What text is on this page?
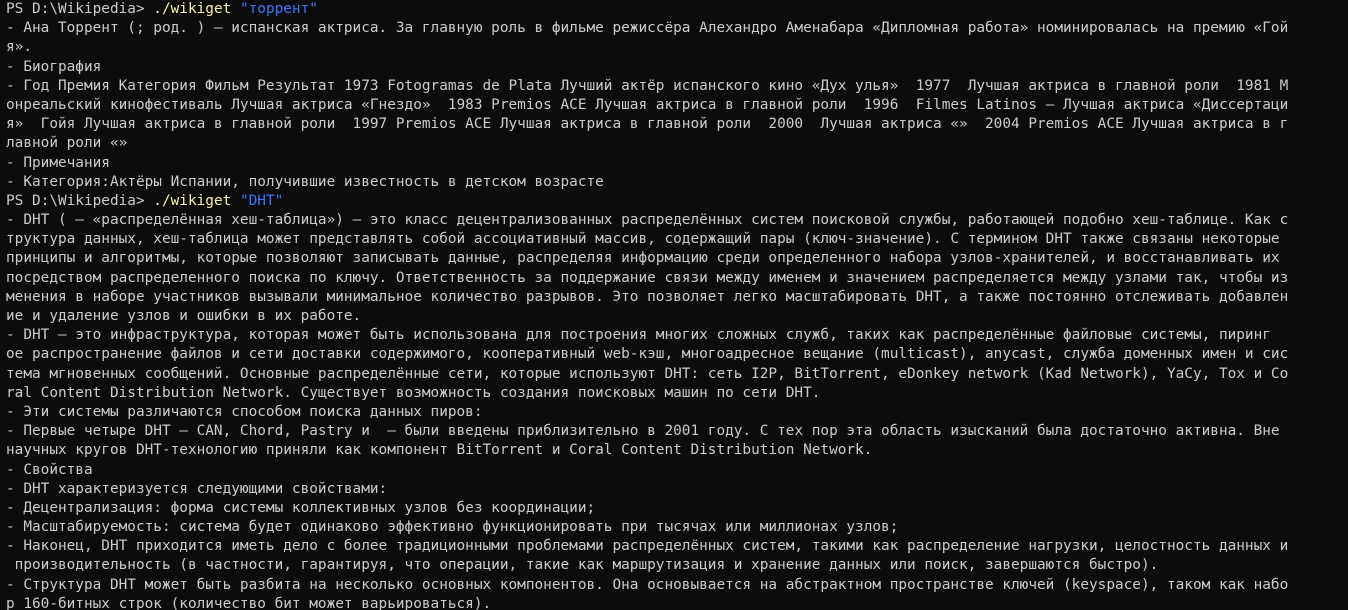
PS D:\Wikipedia> ./wikiget "торрент"
- Ана Торрент (; род. ) — испанская актриса. За главную роль в фильме режиссёра Алехандро Аменабара «Дипломная работа» номинировалась на премию «Гой
я».
- Биография
- Год Премия Категория Фильм Результат 1973 Fotogramas de Plata Лучший актёр испанского кино «Дух улья»  1977  Лучшая актриса в главной роли  1981 М
онреальский кинофестиваль Лучшая актриса «Гнездо»  1983 Premios ACE Лучшая актриса в главной роли  1996  Filmes Latinos — Лучшая актриса «Диссертаци
я»  Гойя Лучшая актриса в главной роли  1997 Premios ACE Лучшая актриса в главной роли  2000  Лучшая актриса «»  2004 Premios ACE Лучшая актриса в г
лавной роли «»
- Примечания
- Категория:Актёры Испании, получившие известность в детском возрасте
PS D:\Wikipedia> ./wikiget "DHT"
- DHT ( — «распределённая хеш-таблица») — это класс децентрализованных распределённых систем поисковой службы, работающей подобно хеш-таблице. Как с
труктура данных, хеш-таблица может представлять собой ассоциативный массив, содержащий пары (ключ-значение). С термином DHT также связаны некоторые
принципы и алгоритмы, которые позволяют записывать данные, распределяя информацию среди определенного набора узлов-хранителей, и восстанавливать их
посредством распределенного поиска по ключу. Ответственность за поддержание связи между именем и значением распределяется между узлами так, чтобы из
менения в наборе участников вызывали минимальное количество разрывов. Это позволяет легко масштабировать DHT, а также постоянно отслеживать добавлен
ие и удаление узлов и ошибки в их работе.
- DHT — это инфраструктура, которая может быть использована для построения многих сложных служб, таких как распределённые файловые системы, пиринг
ое распространение файлов и сети доставки содержимого, кооперативный web-кэш, многоадресное вещание (multicast), anycast, служба доменных имен и сис
тема мгновенных сообщений. Основные распределённые сети, которые используют DHT: сеть I2P, BitTorrent, eDonkey network (Kad Network), YaCy, Tox и Co
ral Content Distribution Network. Существует возможность создания поисковых машин по сети DHT.
- Эти системы различаются способом поиска данных пиров:
- Первые четыре DHT — CAN, Chord, Pastry и  — были введены приблизительно в 2001 году. С тех пор эта область изысканий была достаточно активна. Вне
научных кругов DHT-технологию приняли как компонент BitTorrent и Coral Content Distribution Network.
- Свойства
- DHT характеризуется следующими свойствами:
- Децентрализация: форма системы коллективных узлов без координации;
- Масштабируемость: система будет одинаково эффективно функционировать при тысячах или миллионах узлов;
- Наконец, DHT приходится иметь дело с более традиционными проблемами распределённых систем, такими как распределение нагрузки, целостность данных и
производительность (в частности, гарантируя, что операции, такие как маршрутизация и хранение данных или поиск, завершаются быстро).
- Структура DHT может быть разбита на несколько основных компонентов. Она основывается на абстрактном пространстве ключей (keyspace), таком как набо
р 160-битных строк (количество бит может варьироваться).
